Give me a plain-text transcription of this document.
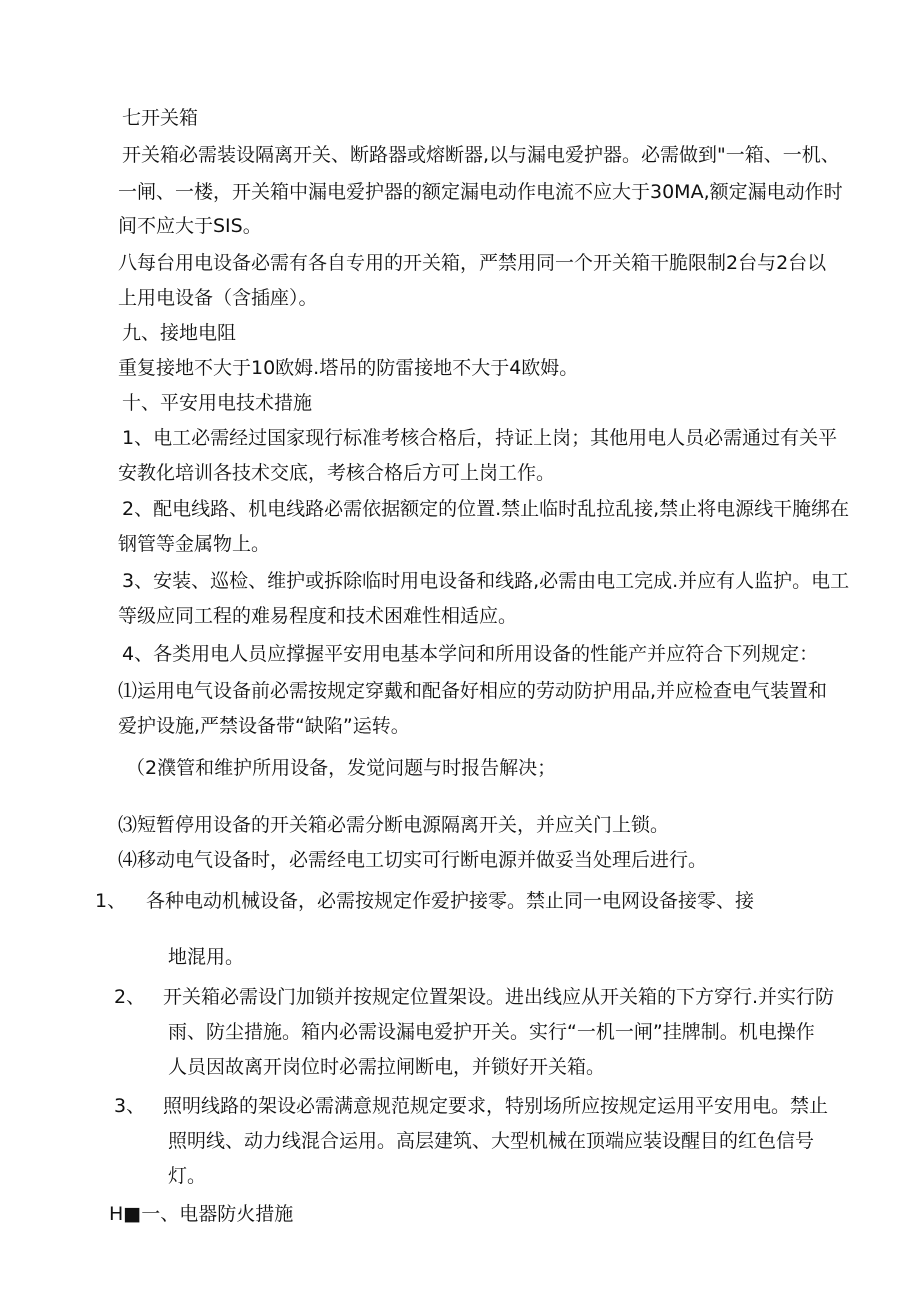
七开关箱
开关箱必需装设隔离开关、断路器或熔断器,以与漏电爱护器。必需做到"一箱、一机、
一闸、一楼，开关箱中漏电爱护器的额定漏电动作电流不应大于30MA,额定漏电动作时
间不应大于SIS。
八每台用电设备必需有各自专用的开关箱，严禁用同一个开关箱干脆限制2台与2台以
上用电设备（含插座）。
九、接地电阻
重复接地不大于10欧姆.塔吊的防雷接地不大于4欧姆。
十、平安用电技术措施
1、电工必需经过国家现行标准考核合格后，持证上岗；其他用电人员必需通过有关平
安教化培训各技术交底，考核合格后方可上岗工作。
2、配电线路、机电线路必需依据额定的位置.禁止临时乱拉乱接,禁止将电源线干腌绑在
钢管等金属物上。
3、安装、巡检、维护或拆除临时用电设备和线路,必需由电工完成.并应有人监护。电工
等级应同工程的难易程度和技术困难性相适应。
4、各类用电人员应撑握平安用电基本学问和所用设备的性能产并应符合下列规定：
⑴运用电气设备前必需按规定穿戴和配备好相应的劳动防护用品,并应检查电气装置和
爱护设施,严禁设备带“缺陷”运转。
（2濮管和维护所用设备，发觉问题与时报告解决；
⑶短暂停用设备的开关箱必需分断电源隔离开关，并应关门上锁。
⑷移动电气设备时，必需经电工切实可行断电源并做妥当处理后进行。
1、 各种电动机械设备，必需按规定作爱护接零。禁止同一电网设备接零、接
地混用。
2、 开关箱必需设门加锁并按规定位置架设。进出线应从开关箱的下方穿行.并实行防
雨、防尘措施。箱内必需设漏电爱护开关。实行“一机一闸”挂牌制。机电操作
人员因故离开岗位时必需拉闸断电，并锁好开关箱。
3、 照明线路的架设必需满意规范规定要求，特别场所应按规定运用平安用电。禁止
照明线、动力线混合运用。高层建筑、大型机械在顶端应装设醒目的红色信号
灯。
H■一、电器防火措施
